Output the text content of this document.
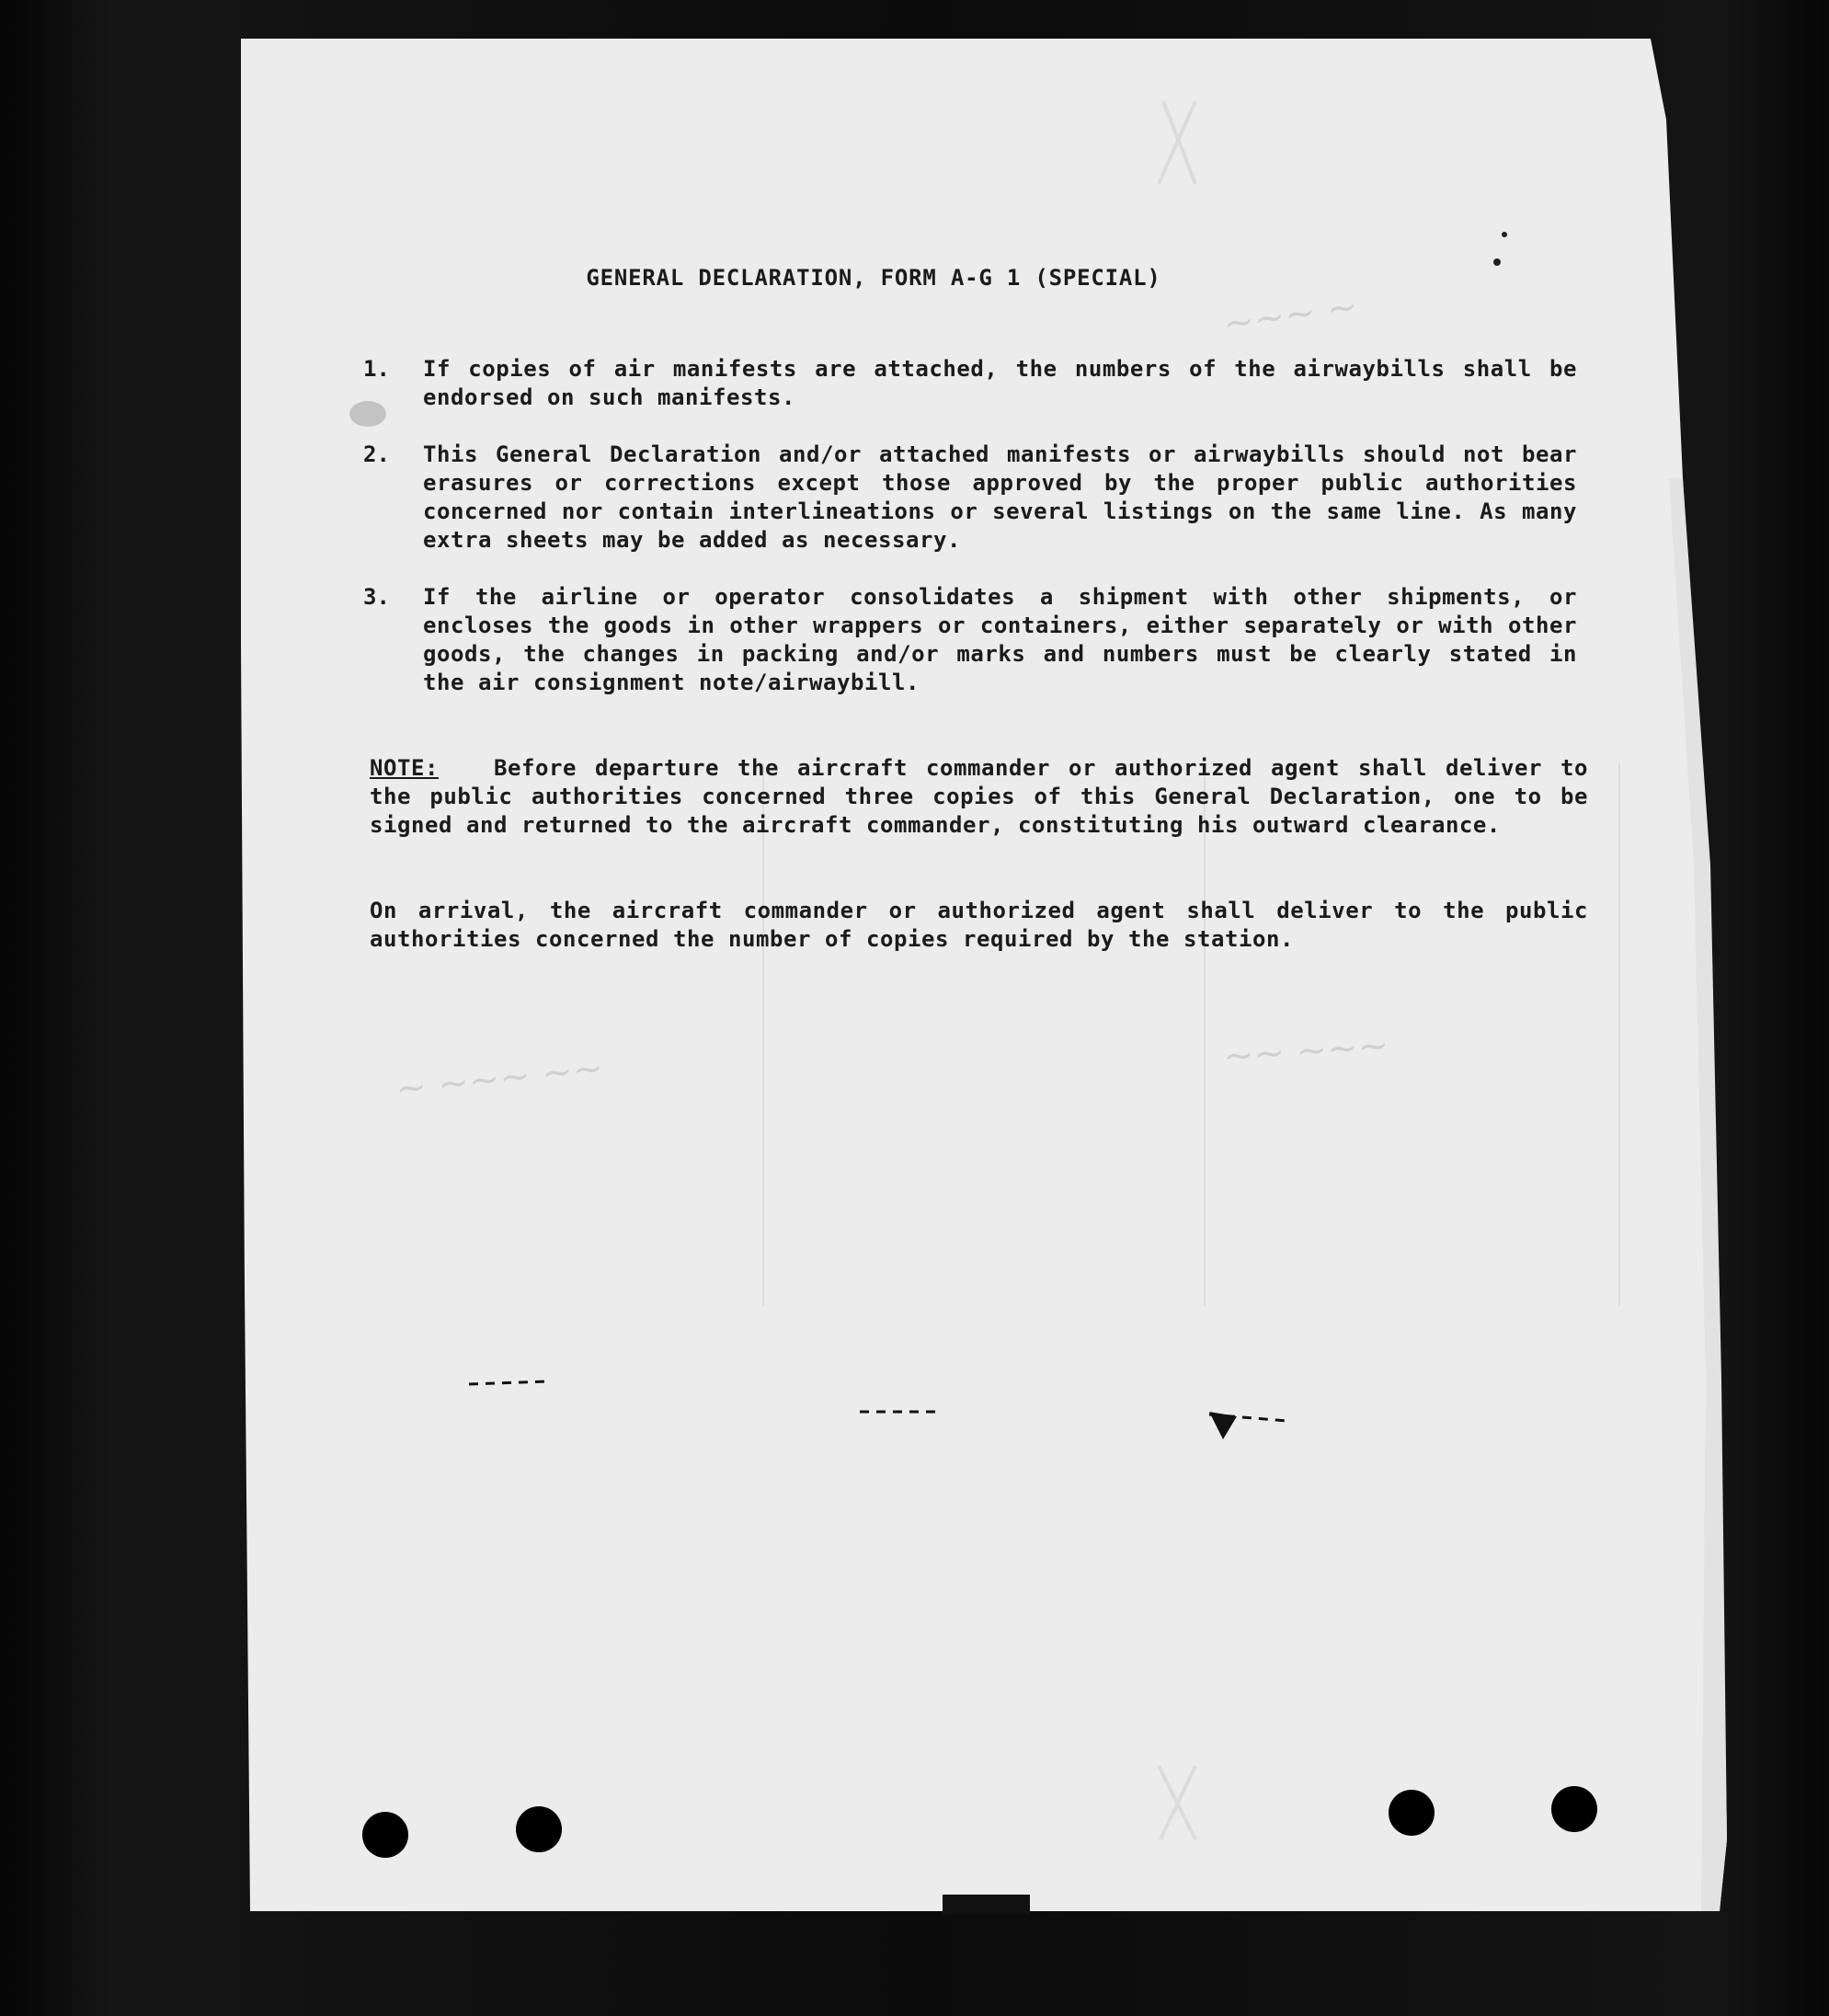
~~~ ~
~ ~~~ ~~	~~ ~~~
GENERAL DECLARATION, FORM A-G 1 (SPECIAL)
1.	If copies of air manifests are attached, the numbers of the airwaybills shall be endorsed on such manifests.
2.	This General Declaration and/or attached manifests or airwaybills should not bear erasures or corrections except those approved by the proper public authorities concerned nor contain interlineations or several listings on the same line. As many extra sheets may be added as necessary.
3.	If the airline or operator consolidates a shipment with other shipments, or encloses the goods in other wrappers or containers, either separately or with other goods, the changes in packing and/or marks and numbers must be clearly stated in the air consignment note/airwaybill.
NOTE:	Before departure the aircraft commander or authorized agent shall deliver to the public authorities concerned three copies of this General Declaration, one to be signed and returned to the aircraft commander, constituting his outward clearance.
On arrival, the aircraft commander or authorized agent shall deliver to the public authorities concerned the number of copies required by the station.
